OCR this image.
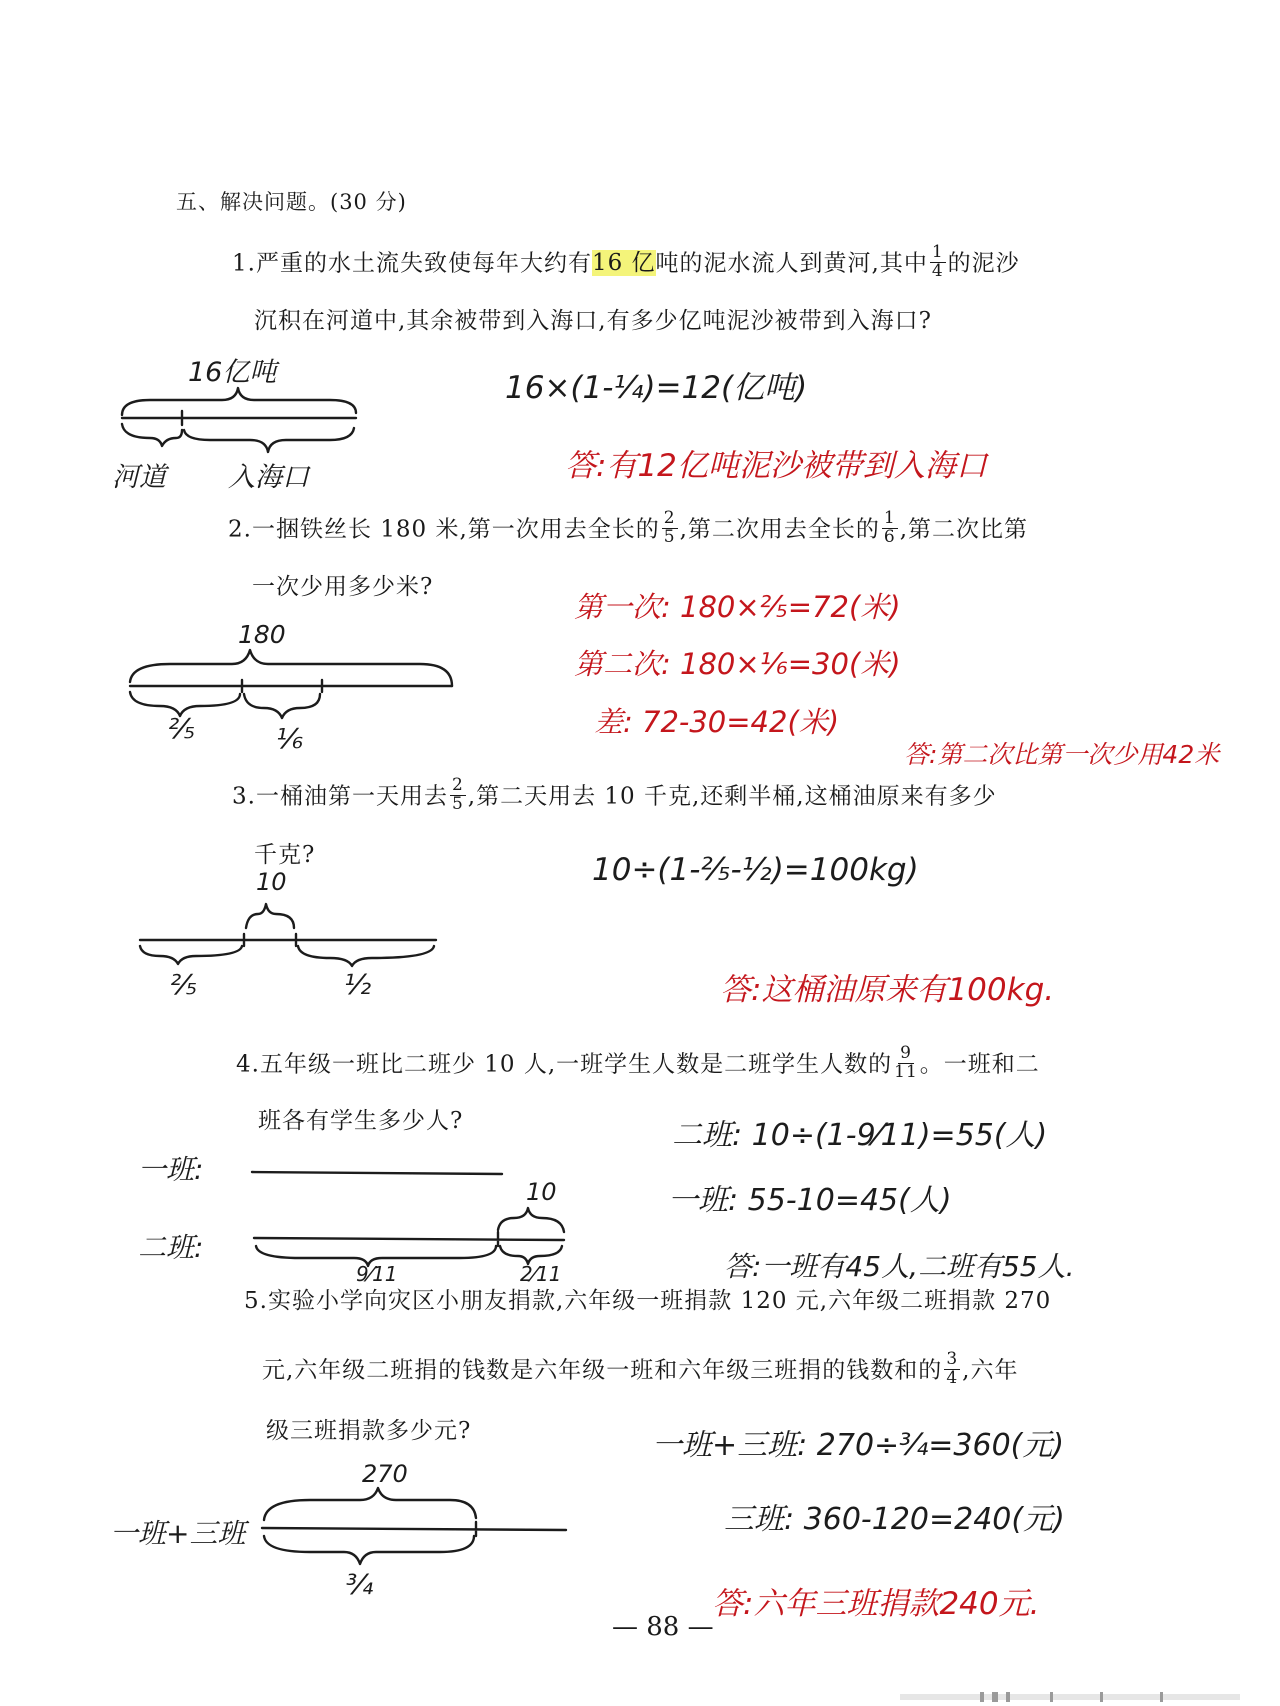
五、解决问题。(30 分)
1.严重的水土流失致使每年大约有16 亿吨的泥水流人到黄河,其中 $\frac{1}{4}$ 的泥沙
沉积在河道中,其余被带到入海口,有多少亿吨泥沙被带到入海口?
16亿吨
河道 入海口
16×(1-¼)=12(亿吨)
答:有12亿吨泥沙被带到入海口
2.一捆铁丝长 180 米,第一次用去全长的 $\frac{2}{5}$ ,第二次用去全长的 $\frac{1}{6}$ ,第二次比第
一次少用多少米?
180
⅖	⅙
第一次: 180×⅖=72(米)
第二次: 180×⅙=30(米)
差: 72-30=42(米)
答:第二次比第一次少用42米
3.一桶油第一天用去 $\frac{2}{5}$ ,第二天用去 10 千克,还剩半桶,这桶油原来有多少
千克?
10
⅖	½
10÷(1-⅖-½)=100kg)
答:这桶油原来有100kg.
4.五年级一班比二班少 10 人,一班学生人数是二班学生人数的 $\frac{9}{11}$ 。一班和二
班各有学生多少人?
一班:
二班:
10
9⁄11	2⁄11
二班: 10÷(1-9⁄11)=55(人)
一班: 55-10=45(人)
答:一班有45人,二班有55人.
5.实验小学向灾区小朋友捐款,六年级一班捐款 120 元,六年级二班捐款 270
元,六年级二班捐的钱数是六年级一班和六年级三班捐的钱数和的 $\frac{3}{4}$ ,六年
级三班捐款多少元?
一班+三班
270
¾
一班+三班: 270÷¾=360(元)
三班: 360-120=240(元)
答:六年三班捐款240元.
— 88 —
